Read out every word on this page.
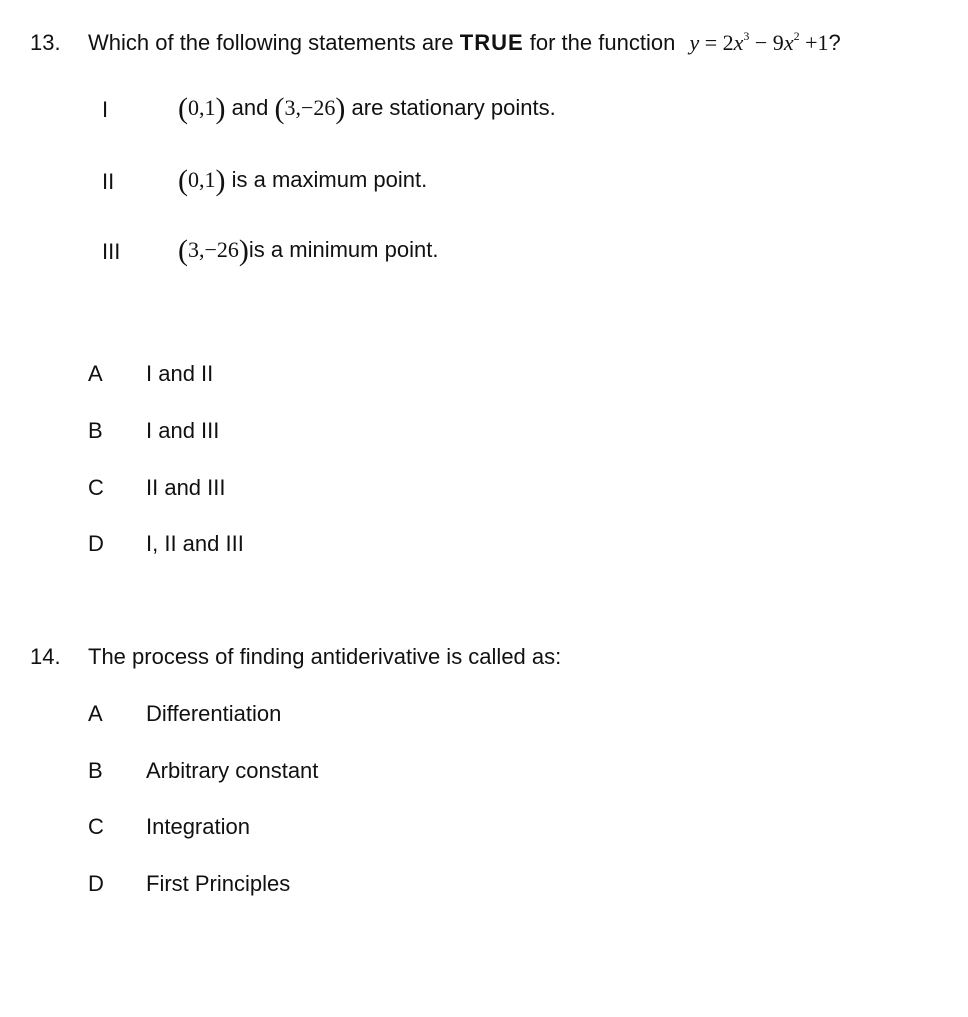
13. Which of the following statements are TRUE for the function $y = 2x^3 - 9x^2 +1$?
I (0,1) and (3,−26) are stationary points.
II (0,1) is a maximum point.
III (3,−26)is a minimum point.
A I and II
B I and III
C II and III
D I, II and III
14. The process of finding antiderivative is called as:
A Differentiation
B Arbitrary constant
C Integration
D First Principles
